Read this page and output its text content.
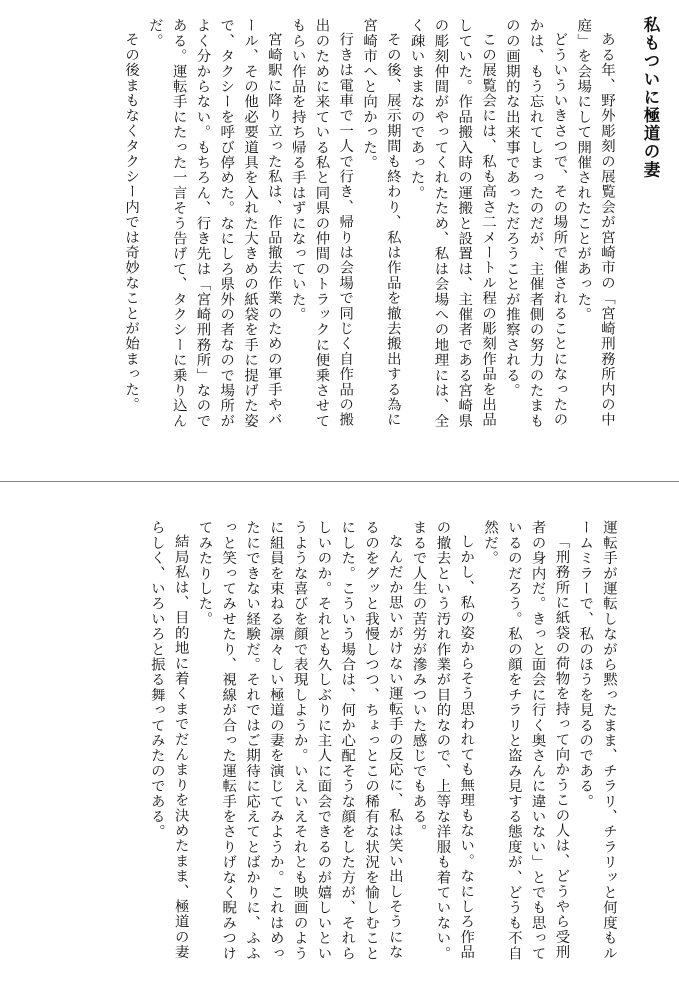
私もついに極道の妻

ある年、野外彫刻の展覧会が宮崎市の「宮崎刑務所内の中庭」を会場にして開催されたことがあった。

どういういきさつで、その場所で催されることになったのかは、もう忘れてしまったのだが、主催者側の努力のたまものの画期的な出来事であっただろうことが推察される。

この展覧会には、私も高さ二メートル程の彫刻作品を出品していた。作品搬入時の運搬と設置は、主催者である宮崎県の彫刻仲間がやってくれたため、私は会場への地理には、全く疎いままなのであった。

その後、展示期間も終わり、私は作品を撤去搬出する為に宮崎市へと向かった。

行きは電車で一人で行き、帰りは会場で同じく自作品の搬出のために来ている私と同県の仲間のトラックに便乗させてもらい作品を持ち帰る手はずになっていた。

宮崎駅に降り立った私は、作品撤去作業のための軍手やバール、その他必要道具を入れた大きめの紙袋を手に提げた姿で、タクシーを呼び停めた。なにしろ県外の者なので場所がよく分からない。もちろん、行き先は「宮崎刑務所」なのである。運転手にたった一言そう告げて、タクシーに乗り込んだ。

その後まもなくタクシー内では奇妙なことが始まった。

運転手が運転しながら黙ったまま、チラリ、チラリッと何度もルームミラーで、私のほうを見るのである。

「刑務所に紙袋の荷物を持って向かうこの人は、どうやら受刑者の身内だ。きっと面会に行く奥さんに違いない」とでも思っているのだろう。私の顔をチラリと盗み見する態度が、どうも不自然だ。

しかし、私の姿からそう思われても無理もない。なにしろ作品の撤去という汚れ作業が目的なので、上等な洋服も着ていない。まるで人生の苦労が滲みついた感じでもある。

なんだか思いがけない運転手の反応に、私は笑い出しそうになるのをグッと我慢しつつ、ちょっとこの稀有な状況を愉しむことにした。こういう場合は、何か心配そうな顔をした方が、それらしいのか。それとも久しぶりに主人に面会できるのが嬉しいというような喜びを顔で表現しようか。いえいえそれとも映画のように組員を束ねる凛々しい極道の妻を演じてみようか。これはめったにできない経験だ。それではご期待に応えてとばかりに、ふふっと笑ってみせたり、視線が合った運転手をさりげなく睨みつけてみたりした。

結局私は、目的地に着くまでだんまりを決めたまま、極道の妻らしく、いろいろと振る舞ってみたのである。
